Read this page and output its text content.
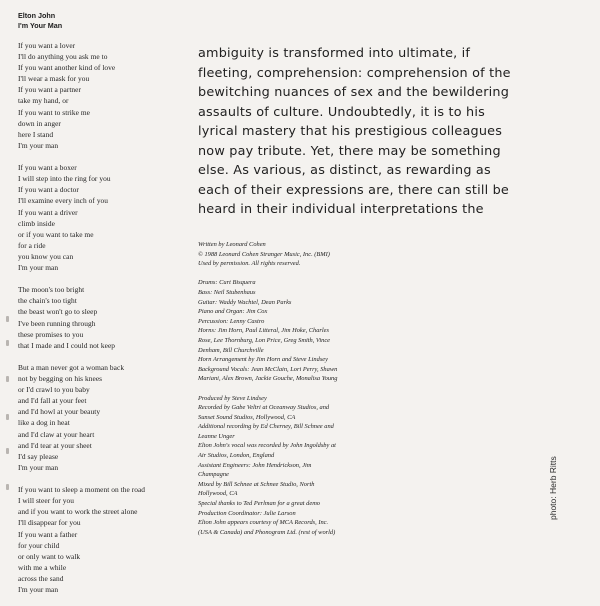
Elton John
I'm Your Man
If you want a lover
I'll do anything you ask me to
If you want another kind of love
I'll wear a mask for you
If you want a partner
take my hand, or
If you want to strike me
down in anger
here I stand
I'm your man
If you want a boxer
I will step into the ring for you
If you want a doctor
I'll examine every inch of you
If you want a driver
climb inside
or if you want to take me
for a ride
you know you can
I'm your man
The moon's too bright
the chain's too tight
the beast won't go to sleep
I've been running through
these promises to you
that I made and I could not keep
But a man never got a woman back
not by begging on his knees
or I'd crawl to you baby
and I'd fall at your feet
and I'd howl at your beauty
like a dog in heat
and I'd claw at your heart
and I'd tear at your sheet
I'd say please
I'm your man
If you want to sleep a moment on the road
I will steer for you
and if you want to work the street alone
I'll disappear for you
If you want a father
for your child
or only want to walk
with me a while
across the sand
I'm your man
ambiguity is transformed into ultimate, if
fleeting, comprehension: comprehension of the
bewitching nuances of sex and the bewildering
assaults of culture. Undoubtedly, it is to his
lyrical mastery that his prestigious colleagues
now pay tribute. Yet, there may be something
else. As various, as distinct, as rewarding as
each of their expressions are, there can still be
heard in their individual interpretations the
Written by Leonard Cohen
© 1988 Leonard Cohen Stranger Music, Inc. (BMI)
Used by permission. All rights reserved.
Drums: Curt Bisquera
Bass: Neil Stubenhaus
Guitar: Waddy Wachtel, Dean Parks
Piano and Organ: Jim Cox
Percussion: Lenny Castro
Horns: Jim Horn, Paul Litteral, Jim Hoke, Charles
Rose, Lee Thornburg, Lon Price, Greg Smith, Vince
Denham, Bill Churchville
Horn Arrangement by Jim Horn and Steve Lindsey
Background Vocals: Jean McClain, Lori Perry, Shawn
Mariani, Alex Brown, Jackie Gouche, Monalisa Young
Produced by Steve Lindsey
Recorded by Gabe Veltri at Oceanway Studios, and
Sunset Sound Studios, Hollywood, CA
Additional recording by Ed Cherney, Bill Schnee and
Leanne Unger
Elton John's vocal was recorded by John Ingoldsby at
Air Studios, London, England
Assistant Engineers: John Hendrickson, Jim
Champagne
Mixed by Bill Schnee at Schnee Studio, North
Hollywood, CA
Special thanks to Ted Perlman for a great demo
Production Coordinator: Julie Larson
Elton John appears courtesy of MCA Records, Inc.
(USA & Canada) and Phonogram Ltd. (rest of world)
photo: Herb Ritts
